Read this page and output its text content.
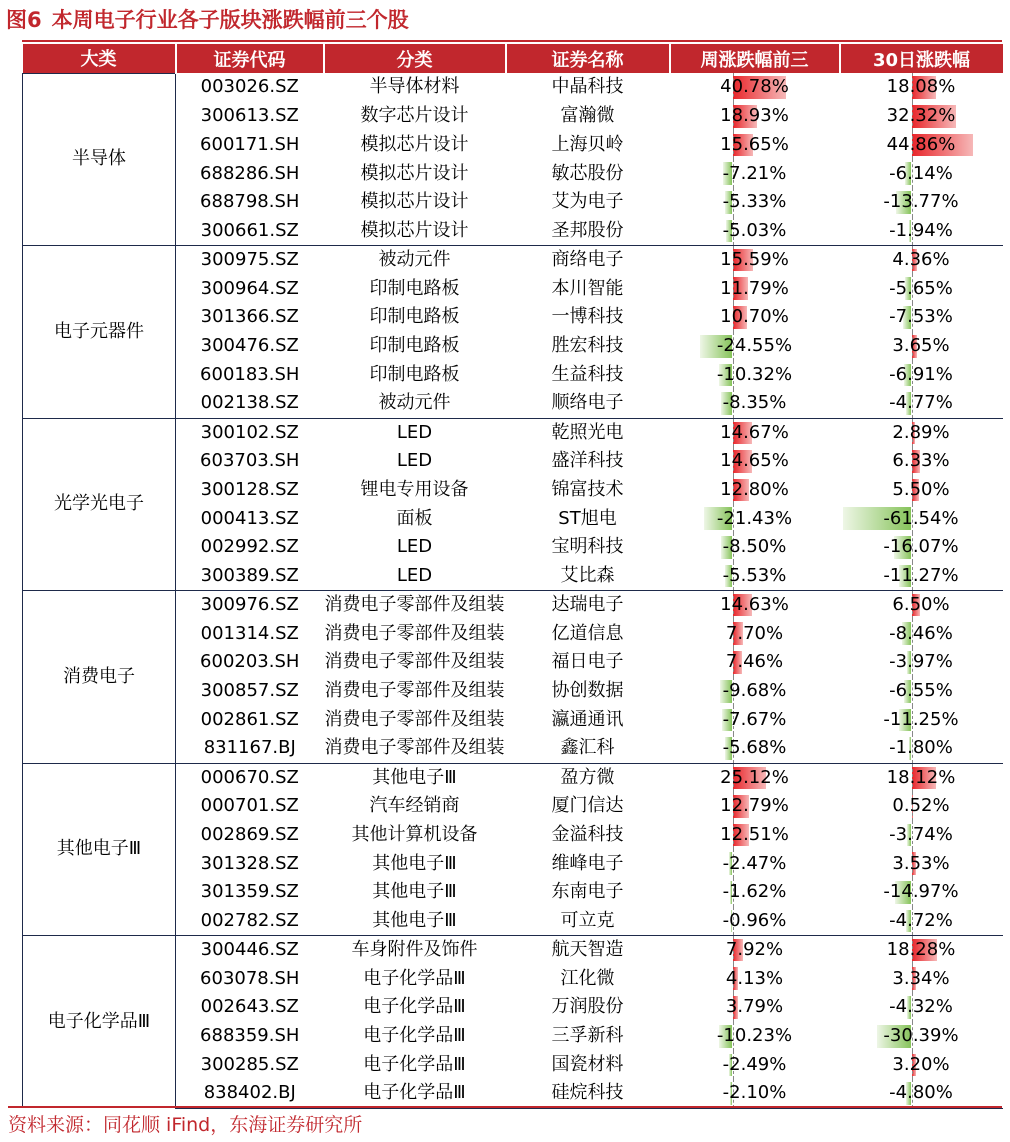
图6 本周电子行业各子版块涨跌幅前三个股
大类	证券代码	分类	证券名称	周涨跌幅前三	30日涨跌幅
半导体	003026.SZ	半导体材料	中晶科技	40.78%	18.08%
	300613.SZ	数字芯片设计	富瀚微	18.93%	32.32%
	600171.SH	模拟芯片设计	上海贝岭	15.65%	44.86%
	688286.SH	模拟芯片设计	敏芯股份	-7.21%	-6.14%
	688798.SH	模拟芯片设计	艾为电子	-5.33%	-13.77%
	300661.SZ	模拟芯片设计	圣邦股份	-5.03%	-1.94%
电子元器件	300975.SZ	被动元件	商络电子	15.59%	4.36%
	300964.SZ	印制电路板	本川智能	11.79%	-5.65%
	301366.SZ	印制电路板	一博科技	10.70%	-7.53%
	300476.SZ	印制电路板	胜宏科技	-24.55%	3.65%
	600183.SH	印制电路板	生益科技	-10.32%	-6.91%
	002138.SZ	被动元件	顺络电子	-8.35%	-4.77%
光学光电子	300102.SZ	LED	乾照光电	14.67%	2.89%
	603703.SH	LED	盛洋科技	14.65%	6.33%
	300128.SZ	锂电专用设备	锦富技术	12.80%	5.50%
	000413.SZ	面板	ST旭电	-21.43%	-61.54%
	002992.SZ	LED	宝明科技	-8.50%	-16.07%
	300389.SZ	LED	艾比森	-5.53%	-11.27%
消费电子	300976.SZ	消费电子零部件及组装	达瑞电子	14.63%	6.50%
	001314.SZ	消费电子零部件及组装	亿道信息	7.70%	-8.46%
	600203.SH	消费电子零部件及组装	福日电子	7.46%	-3.97%
	300857.SZ	消费电子零部件及组装	协创数据	-9.68%	-6.55%
	002861.SZ	消费电子零部件及组装	瀛通通讯	-7.67%	-11.25%
	831167.BJ	消费电子零部件及组装	鑫汇科	-5.68%	-1.80%
其他电子Ⅲ	000670.SZ	其他电子Ⅲ	盈方微	25.12%	18.12%
	000701.SZ	汽车经销商	厦门信达	12.79%	0.52%
	002869.SZ	其他计算机设备	金溢科技	12.51%	-3.74%
	301328.SZ	其他电子Ⅲ	维峰电子	-2.47%	3.53%
	301359.SZ	其他电子Ⅲ	东南电子	-1.62%	-14.97%
	002782.SZ	其他电子Ⅲ	可立克	-0.96%	-4.72%
电子化学品Ⅲ	300446.SZ	车身附件及饰件	航天智造	7.92%	18.28%
	603078.SH	电子化学品Ⅲ	江化微	4.13%	3.34%
	002643.SZ	电子化学品Ⅲ	万润股份	3.79%	-4.32%
	688359.SH	电子化学品Ⅲ	三孚新科	-10.23%	-30.39%
	300285.SZ	电子化学品Ⅲ	国瓷材料	-2.49%	3.20%
	838402.BJ	电子化学品Ⅲ	硅烷科技	-2.10%	-4.80%
资料来源：同花顺 iFind，东海证券研究所
